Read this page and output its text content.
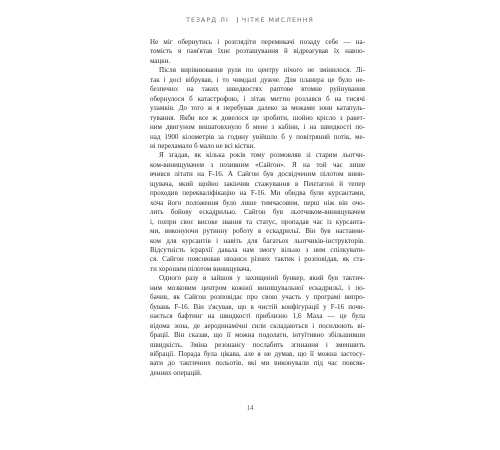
ТЕЗАРД ЛІ ЧІТКЕ МИСЛЕННЯ

Не міг обернутись і розглядіти перемикачі позаду себе — на-
томість я пам'ятав їхнє розташування й відреагував їх навпо-
мацки.

Після вирівнювання руля по центру нічого не змінилося. Лі-
так і досі вібрував, і то чимдалі дужче. Для планера це було не-
безпечно: на таких швидкостях раптове втомне руйнування
обернулося б катастрофою, і літак миттю розлався б на тисячі
уламків. До того ж я перебував далеко за межами зони катапуль-
тування. Якби все ж довелося це зробити, шойно крісло з ракет-
ним двигуном вишатовхнуло б мене з кабіни, і на швидкості по-
над 1900 кілометрів за годину увійшло б у повітряний потік, ме-
ні переламало б мало не всі кістки.

Я згадав, як кілька років тому розмовляв зі старим льотчи-
ком-винищувачем з позивним «Сайгон». Я на той час лише
вчився літати на F-16. А Сайгон був досвідченим пілотом вини-
щувача, який щойно закінчив стажування в Пентагоні й тепер
проходив перекваліфікацію на F-16. Ми обидва були курсантами,
хоча його положення було лише тимчасовим, перш ніж він очо-
лить бойову ескадрилью. Сайгон був льотчиком-винищувачем
і, попри своє високе звання та статус, пропадав час із курсанта-
ми, виконуючи рутинну роботу в ескадрильї. Він був наставни-
ком для курсантів і навіть для багатьох льотчиків-інструкторів.
Відсутність ієрархії давала нам змогу вільно з ним спілкувати-
ся. Сайгон пояснював нюанси різних тактик і розповідав, як ста-
ти хорошим пілотом винищувача.

Одного разу я зайшов у захищений бункер, який був тактич-
ним мозковим центром кожної винищувальної ескадрильї, і по-
бачив, як Сайгон розповідає про свою участь у програмі випро-
бувань F-16. Він з'ясував, що в чистій конфігурації у F-16 почи-
нається бафтинг на швидкості приблизно 1,6 Маха — це була
відома зона, де аеродинамічні сили складаються і посилюють ві-
брації. Він сказав, що її можна подолати, інтуїтивно збільшивши
швидкість. Зміна резонансу послабить згинання і зменшить
вібрації. Порада була цікава, але я не думав, що її можна застосу-
вати до тактичних польотів, які ми виконували під час повсяк-
денних операцій.

14
